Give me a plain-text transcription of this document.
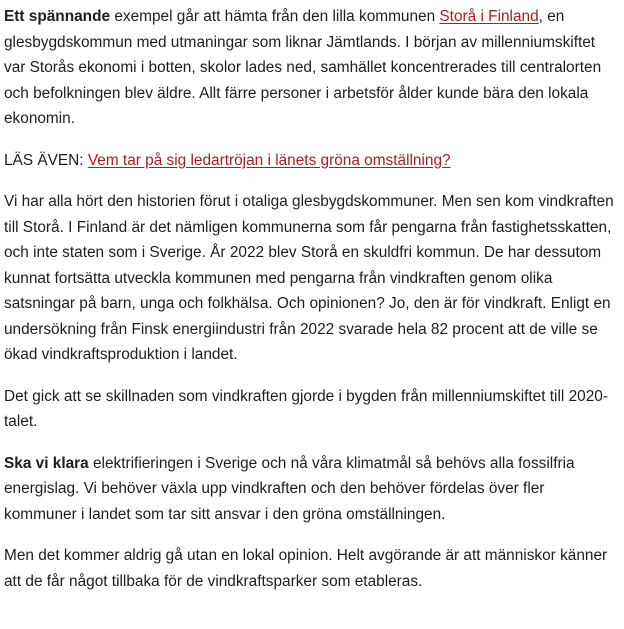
Ett spännande exempel går att hämta från den lilla kommunen Storå i Finland, en glesbygdskommun med utmaningar som liknar Jämtlands. I början av millenniumskiftet var Storås ekonomi i botten, skolor lades ned, samhället koncentrerades till centralorten och befolkningen blev äldre. Allt färre personer i arbetsför ålder kunde bära den lokala ekonomin.

LÄS ÄVEN: Vem tar på sig ledartröjan i länets gröna omställning?

Vi har alla hört den historien förut i otaliga glesbygdskommuner. Men sen kom vindkraften till Storå. I Finland är det nämligen kommunerna som får pengarna från fastighetsskatten, och inte staten som i Sverige. År 2022 blev Storå en skuldfri kommun. De har dessutom kunnat fortsätta utveckla kommunen med pengarna från vindkraften genom olika satsningar på barn, unga och folkhälsa. Och opinionen? Jo, den är för vindkraft. Enligt en undersökning från Finsk energiindustri från 2022 svarade hela 82 procent att de ville se ökad vindkraftsproduktion i landet.

Det gick att se skillnaden som vindkraften gjorde i bygden från millenniumskiftet till 2020-talet.

Ska vi klara elektrifieringen i Sverige och nå våra klimatmål så behövs alla fossilfria energislag. Vi behöver växla upp vindkraften och den behöver fördelas över fler kommuner i landet som tar sitt ansvar i den gröna omställningen.

Men det kommer aldrig gå utan en lokal opinion. Helt avgörande är att människor känner att de får något tillbaka för de vindkraftsparker som etableras.
